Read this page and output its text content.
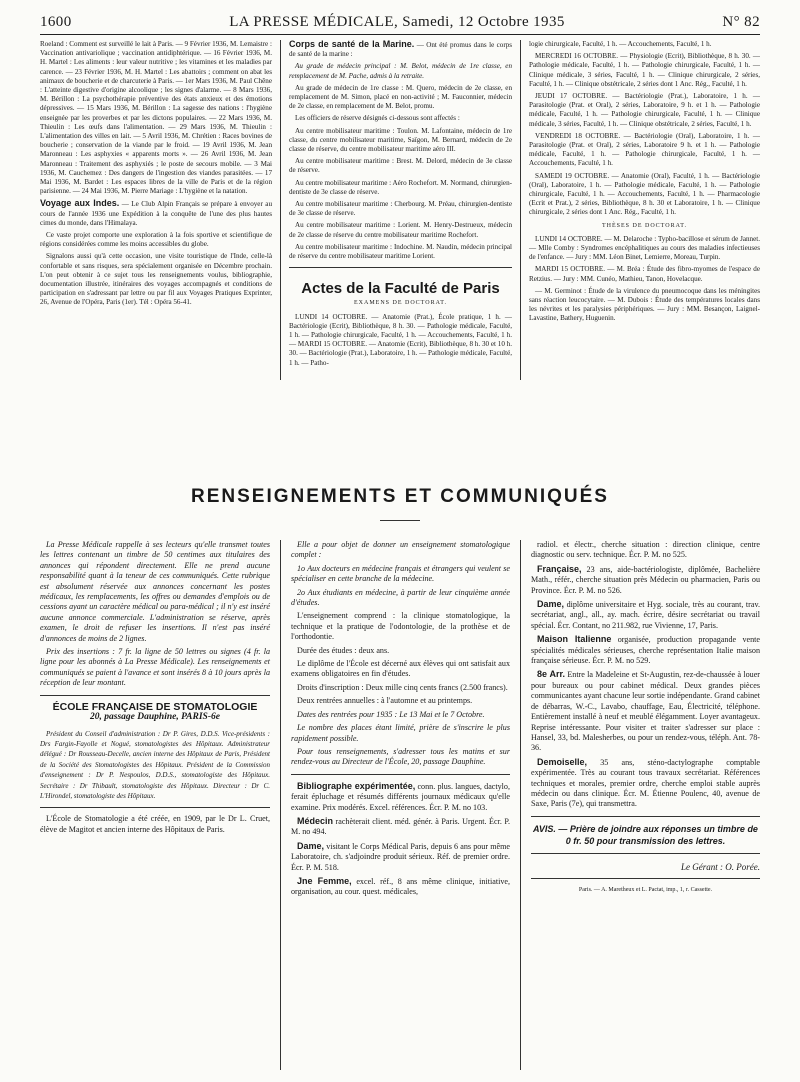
1600	LA PRESSE MÉDICALE, Samedi, 12 Octobre 1935	N° 82

Roeland : Comment est surveillé le lait à Paris. — 9 Février 1936, M. Lemaistre : Vaccination antivariolique ; vaccination antidiphtérique. — 16 Février 1936, M. H. Martel : Les aliments : leur valeur nutritive ; les vitamines et les maladies par carence. — 23 Février 1936, M. H. Martel : Les abattoirs ; comment on abat les animaux de boucherie et de charcuterie à Paris. — 1er Mars 1936, M. Paul Chêne : L'atteinte digestive d'origine alcoolique ; les signes d'alarme. — 8 Mars 1936, M. Bérillon : La psychothérapie préventive des états anxieux et des émotions dépressives. — 15 Mars 1936, M. Bérillon : La sagesse des nations : l'hygiène enseignée par les proverbes et par les dictons populaires. — 22 Mars 1936, M. Thieulin : Les œufs dans l'alimentation. — 29 Mars 1936, M. Thieulin : L'alimentation des villes en lait. — 5 Avril 1936, M. Chrétien : Races bovines de boucherie ; conservation de la viande par le froid. — 19 Avril 1936, M. Jean Maronneau : Les asphyxies « apparents morts ». — 26 Avril 1936, M. Jean Maronneau : Traitement des asphyxiés ; le poste de secours mobile. — 3 Mai 1936, M. Cauchemez : Des dangers de l'ingestion des viandes parasitées. — 17 Mai 1936, M. Bardet : Les espaces libres de la ville de Paris et de la région parisienne. — 24 Mai 1936, M. Pierre Mariage : L'hygiène et la natation.

Voyage aux Indes. — Le Club Alpin Français se prépare à envoyer au cours de l'année 1936 une Expédition à la conquête de l'une des plus hautes cimes du monde, dans l'Himalaya.

Ce vaste projet comporte une exploration à la fois sportive et scientifique de régions considérées comme les moins accessibles du globe.

Signalons aussi qu'à cette occasion, une visite touristique de l'Inde, celle-là confortable et sans risques, sera spécialement organisée en Décembre prochain. L'on peut obtenir à ce sujet tous les renseignements voulus, bibliographie, documentation illustrée, itinéraires des voyages accompagnés et conditions de participation en s'adressant par lettre ou par fil aux Voyages Pratiques Exprinter, 26, Avenue de l'Opéra, Paris (1er). Tél : Opéra 56-41.

Corps de santé de la Marine. — Ont été promus dans le corps de santé de la marine :

Au grade de médecin principal : M. Belot, médecin de 1re classe, en remplacement de M. Pache, admis à la retraite.

Au grade de médecin de 1re classe : M. Quero, médecin de 2e classe, en remplacement de M. Simon, placé en non-activité ; M. Fauconnier, médecin de 2e classe, en remplacement de M. Belot, promu.

Les officiers de réserve désignés ci-dessous sont affectés :

Au centre mobilisateur maritime : Toulon. M. Lafontaine, médecin de 1re classe, du centre mobilisateur maritime, Saïgon, M. Bernard, médecin de 2e classe de réserve, du centre mobilisateur maritime aéro III.

Au centre mobilisateur maritime : Brest. M. Delord, médecin de 3e classe de réserve.

Au centre mobilisateur maritime : Aéro Rochefort. M. Normand, chirurgien-dentiste de 3e classe de réserve.

Au centre mobilisateur maritime : Cherbourg. M. Préau, chirurgien-dentiste de 3e classe de réserve.

Au centre mobilisateur maritime : Lorient. M. Henry-Destrueux, médecin de 2e classe de réserve du centre mobilisateur maritime Rochefort.

Au centre mobilisateur maritime : Indochine. M. Naudin, médecin principal de réserve du centre mobilisateur maritime Lorient.

Actes de la Faculté de Paris
EXAMENS DE DOCTORAT.

LUNDI 14 OCTOBRE. — Anatomie (Prat.), École pratique, 1 h. — Bactériologie (Ecrit), Bibliothèque, 8 h. 30. — Pathologie médicale, Faculté, 1 h. — Pathologie chirurgicale, Faculté, 1 h. — Accouchements, Faculté, 1 h. — MARDI 15 OCTOBRE. — Anatomie (Ecrit), Bibliothèque, 8 h. 30 et 10 h. 30. — Bactériologie (Prat.), Laboratoire, 1 h. — Pathologie médicale, Faculté, 1 h. — Patho-

logie chirurgicale, Faculté, 1 h. — Accouchements, Faculté, 1 h.

MERCREDI 16 OCTOBRE. — Physiologie (Ecrit), Bibliothèque, 8 h. 30. — Pathologie médicale, Faculté, 1 h. — Pathologie chirurgicale, Faculté, 1 h. — Clinique médicale, 3 séries, Faculté, 1 h. — Clinique chirurgicale, 2 séries, Faculté, 1 h. — Clinique obstétricale, 2 séries dont 1 Anc. Rég., Faculté, 1 h.

JEUDI 17 OCTOBRE. — Bactériologie (Prat.), Laboratoire, 1 h. — Parasitologie (Prat. et Oral), 2 séries, Laboratoire, 9 h. et 1 h. — Pathologie médicale, Faculté, 1 h. — Pathologie chirurgicale, Faculté, 1 h. — Clinique médicale, 3 séries, Faculté, 1 h. — Clinique obstétricale, 2 séries, Faculté, 1 h.

VENDREDI 18 OCTOBRE. — Bactériologie (Oral), Laboratoire, 1 h. — Parasitologie (Prat. et Oral), 2 séries, Laboratoire 9 h. et 1 h. — Pathologie médicale, Faculté, 1 h. — Pathologie chirurgicale, Faculté, 1 h. — Accouchements, Faculté, 1 h.

SAMEDI 19 OCTOBRE. — Anatomie (Oral), Faculté, 1 h. — Bactériologie (Oral), Laboratoire, 1 h. — Pathologie médicale, Faculté, 1 h. — Pathologie chirurgicale, Faculté, 1 h. — Accouchements, Faculté, 1 h. — Pharmacologie (Ecrit et Prat.), 2 séries, Bibliothèque, 8 h. 30 et Laboratoire, 1 h. — Clinique chirurgicale, 2 séries dont 1 Anc. Rég., Faculté, 1 h.

THÈSES DE DOCTORAT.

LUNDI 14 OCTOBRE. — M. Delaroche : Typho-bacillose et sérum de Jannet. — Mlle Comby : Syndromes encéphalitiques au cours des maladies infectieuses de l'enfance. — Jury : MM. Léon Binet, Lemierre, Moreau, Turpin.

MARDI 15 OCTOBRE. — M. Bréa : Étude des fibro-myomes de l'espace de Retzius. — Jury : MM. Cunéo, Mathieu, Tanon, Hovelacque.

— M. Germinot : Étude de la virulence du pneumocoque dans les méningites sans réaction leucocytaire. — M. Dubois : Étude des températures locales dans les névrites et les paralysies périphériques. — Jury : MM. Besançon, Laignel-Lavastine, Bathery, Huguenin.

RENSEIGNEMENTS ET COMMUNIQUÉS

La Presse Médicale rappelle à ses lecteurs qu'elle transmet toutes les lettres contenant un timbre de 50 centimes aux titulaires des annonces qui répondent directement. Elle ne prend aucune responsabilité quant à la teneur de ces communiqués. Cette rubrique est absolument réservée aux annonces concernant les postes médicaux, les remplacements, les offres ou demandes d'emplois ou de cessions ayant un caractère médical ou para-médical ; il n'y est inséré aucune annonce commerciale. L'administration se réserve, après examen, le droit de refuser les insertions. Il n'est pas inséré d'annonces de moins de 2 lignes.

Prix des insertions : 7 fr. la ligne de 50 lettres ou signes (4 fr. la ligne pour les abonnés à La Presse Médicale). Les renseignements et communiqués se paient à l'avance et sont insérés 8 à 10 jours après la réception de leur montant.

ÉCOLE FRANÇAISE DE STOMATOLOGIE
20, passage Dauphine, PARIS-6e

Président du Conseil d'administration : Dr P. Gires, D.D.S. Vice-présidents : Drs Fargin-Fayolle et Nogué, stomatologistes des Hôpitaux. Administrateur délégué : Dr Rousseau-Decelle, ancien interne des Hôpitaux de Paris, Président de la Société des Stomatologistes des Hôpitaux. Président de la Commission d'enseignement : Dr P. Nespoulos, D.D.S., stomatologiste des Hôpitaux. Secrétaire : Dr Thibault, stomatologiste des Hôpitaux. Directeur : Dr C. L'Hirondel, stomatologiste des Hôpitaux.

L'École de Stomatologie a été créée, en 1909, par le Dr L. Cruet, élève de Magitot et ancien interne des Hôpitaux de Paris.

Elle a pour objet de donner un enseignement stomatologique complet :

1o Aux docteurs en médecine français et étrangers qui veulent se spécialiser en cette branche de la médecine.

2o Aux étudiants en médecine, à partir de leur cinquième année d'études.

L'enseignement comprend : la clinique stomatologique, la technique et la pratique de l'odontologie, de la prothèse et de l'orthodontie.

Durée des études : deux ans.

Le diplôme de l'École est décerné aux élèves qui ont satisfait aux examens obligatoires en fin d'études.

Droits d'inscription : Deux mille cinq cents francs (2.500 francs).

Deux rentrées annuelles : à l'automne et au printemps.

Dates des rentrées pour 1935 : Le 13 Mai et le 7 Octobre.

Le nombre des places étant limité, prière de s'inscrire le plus rapidement possible.

Pour tous renseignements, s'adresser tous les matins et sur rendez-vous au Directeur de l'École, 20, passage Dauphine.

Bibliographe expérimentée, conn. plus. langues, dactylo, ferait épluchage et résumés différents journaux médicaux qu'elle examine. Prix modérés. Excel. références. Écr. P. M. no 103.

Médecin rachèterait client. méd. génér. à Paris. Urgent. Écr. P. M. no 494.

Dame, visitant le Corps Médical Paris, depuis 6 ans pour même Laboratoire, ch. s'adjoindre produit sérieux. Réf. de premier ordre. Écr. P. M. 518.

Jne Femme, excel. réf., 8 ans même clinique, initiative, organisation, au cour. quest. médicales,

radiol. et électr., cherche situation : direction clinique, centre diagnostic ou serv. technique. Écr. P. M. no 525.

Française, 23 ans, aide-bactériologiste, diplômée, Bachelière Math., référ., cherche situation près Médecin ou pharmacien, Paris ou Province. Écr. P. M. no 526.

Dame, diplôme universitaire et Hyg. sociale, très au courant, trav. secrétariat, angl., all., ay. mach. écrire, désire secrétariat ou travail spécial. Écr. Contant, no 211.982, rue Vivienne, 17, Paris.

Maison Italienne organisée, production propagande vente spécialités médicales sérieuses, cherche représentation Italie maison française sérieuse. Écr. P. M. no 529.

8e Arr. Entre la Madeleine et St-Augustin, rez-de-chaussée à louer pour bureaux ou pour cabinet médical. Deux grandes pièces communicantes ayant chacune leur sortie indépendante. Grand cabinet de débarras, W.-C., Lavabo, chauffage, Eau, Électricité, téléphone. Entièrement installé à neuf et meublé élégamment. Loyer avantageux. Reprise intéressante. Pour visiter et traiter s'adresser sur place : Hansel, 33, bd. Malesherbes, ou pour un rendez-vous, téléph. Ant. 78-36.

Demoiselle, 35 ans, sténo-dactylographe comptable expérimentée. Très au courant tous travaux secrétariat. Références techniques et morales, premier ordre, cherche emploi stable auprès médecin ou dans clinique. Écr. M. Étienne Poulenc, 40, avenue de Saxe, Paris (7e), qui transmettra.

AVIS. — Prière de joindre aux réponses un timbre de 0 fr. 50 pour transmission des lettres.
Le Gérant : O. Porée.
Paris. — A. Maretheux et L. Pactat, imp., 1, r. Cassette.
